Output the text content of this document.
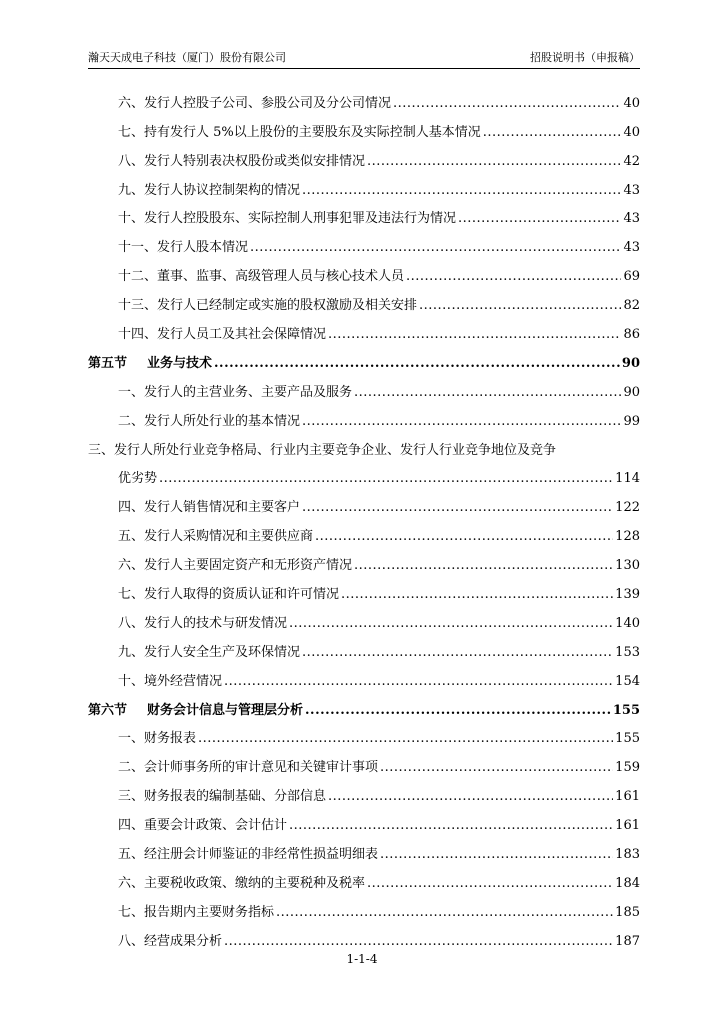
瀚天天成电子科技（厦门）股份有限公司	招股说明书（申报稿）
六、发行人控股子公司、参股公司及分公司情况 .....	40
七、持有发行人 5%以上股份的主要股东及实际控制人基本情况 .....	40
八、发行人特别表决权股份或类似安排情况 .....	42
九、发行人协议控制架构的情况 .....	43
十、发行人控股股东、实际控制人刑事犯罪及违法行为情况 .....	43
十一、发行人股本情况 .....	43
十二、董事、监事、高级管理人员与核心技术人员 .....	69
十三、发行人已经制定或实施的股权激励及相关安排 .....	82
十四、发行人员工及其社会保障情况 .....	86
第五节 业务与技术 .....	90
一、发行人的主营业务、主要产品及服务 .....	90
二、发行人所处行业的基本情况 .....	99
三、发行人所处行业竞争格局、行业内主要竞争企业、发行人行业竞争地位及竞争
优劣势 .....	114
四、发行人销售情况和主要客户 .....	122
五、发行人采购情况和主要供应商 .....	128
六、发行人主要固定资产和无形资产情况 .....	130
七、发行人取得的资质认证和许可情况 .....	139
八、发行人的技术与研发情况 .....	140
九、发行人安全生产及环保情况 .....	153
十、境外经营情况 .....	154
第六节 财务会计信息与管理层分析 .....	155
一、财务报表 .....	155
二、会计师事务所的审计意见和关键审计事项 .....	159
三、财务报表的编制基础、分部信息 .....	161
四、重要会计政策、会计估计 .....	161
五、经注册会计师鉴证的非经常性损益明细表 .....	183
六、主要税收政策、缴纳的主要税种及税率 .....	184
七、报告期内主要财务指标 .....	185
八、经营成果分析 .....	187
1-1-4
